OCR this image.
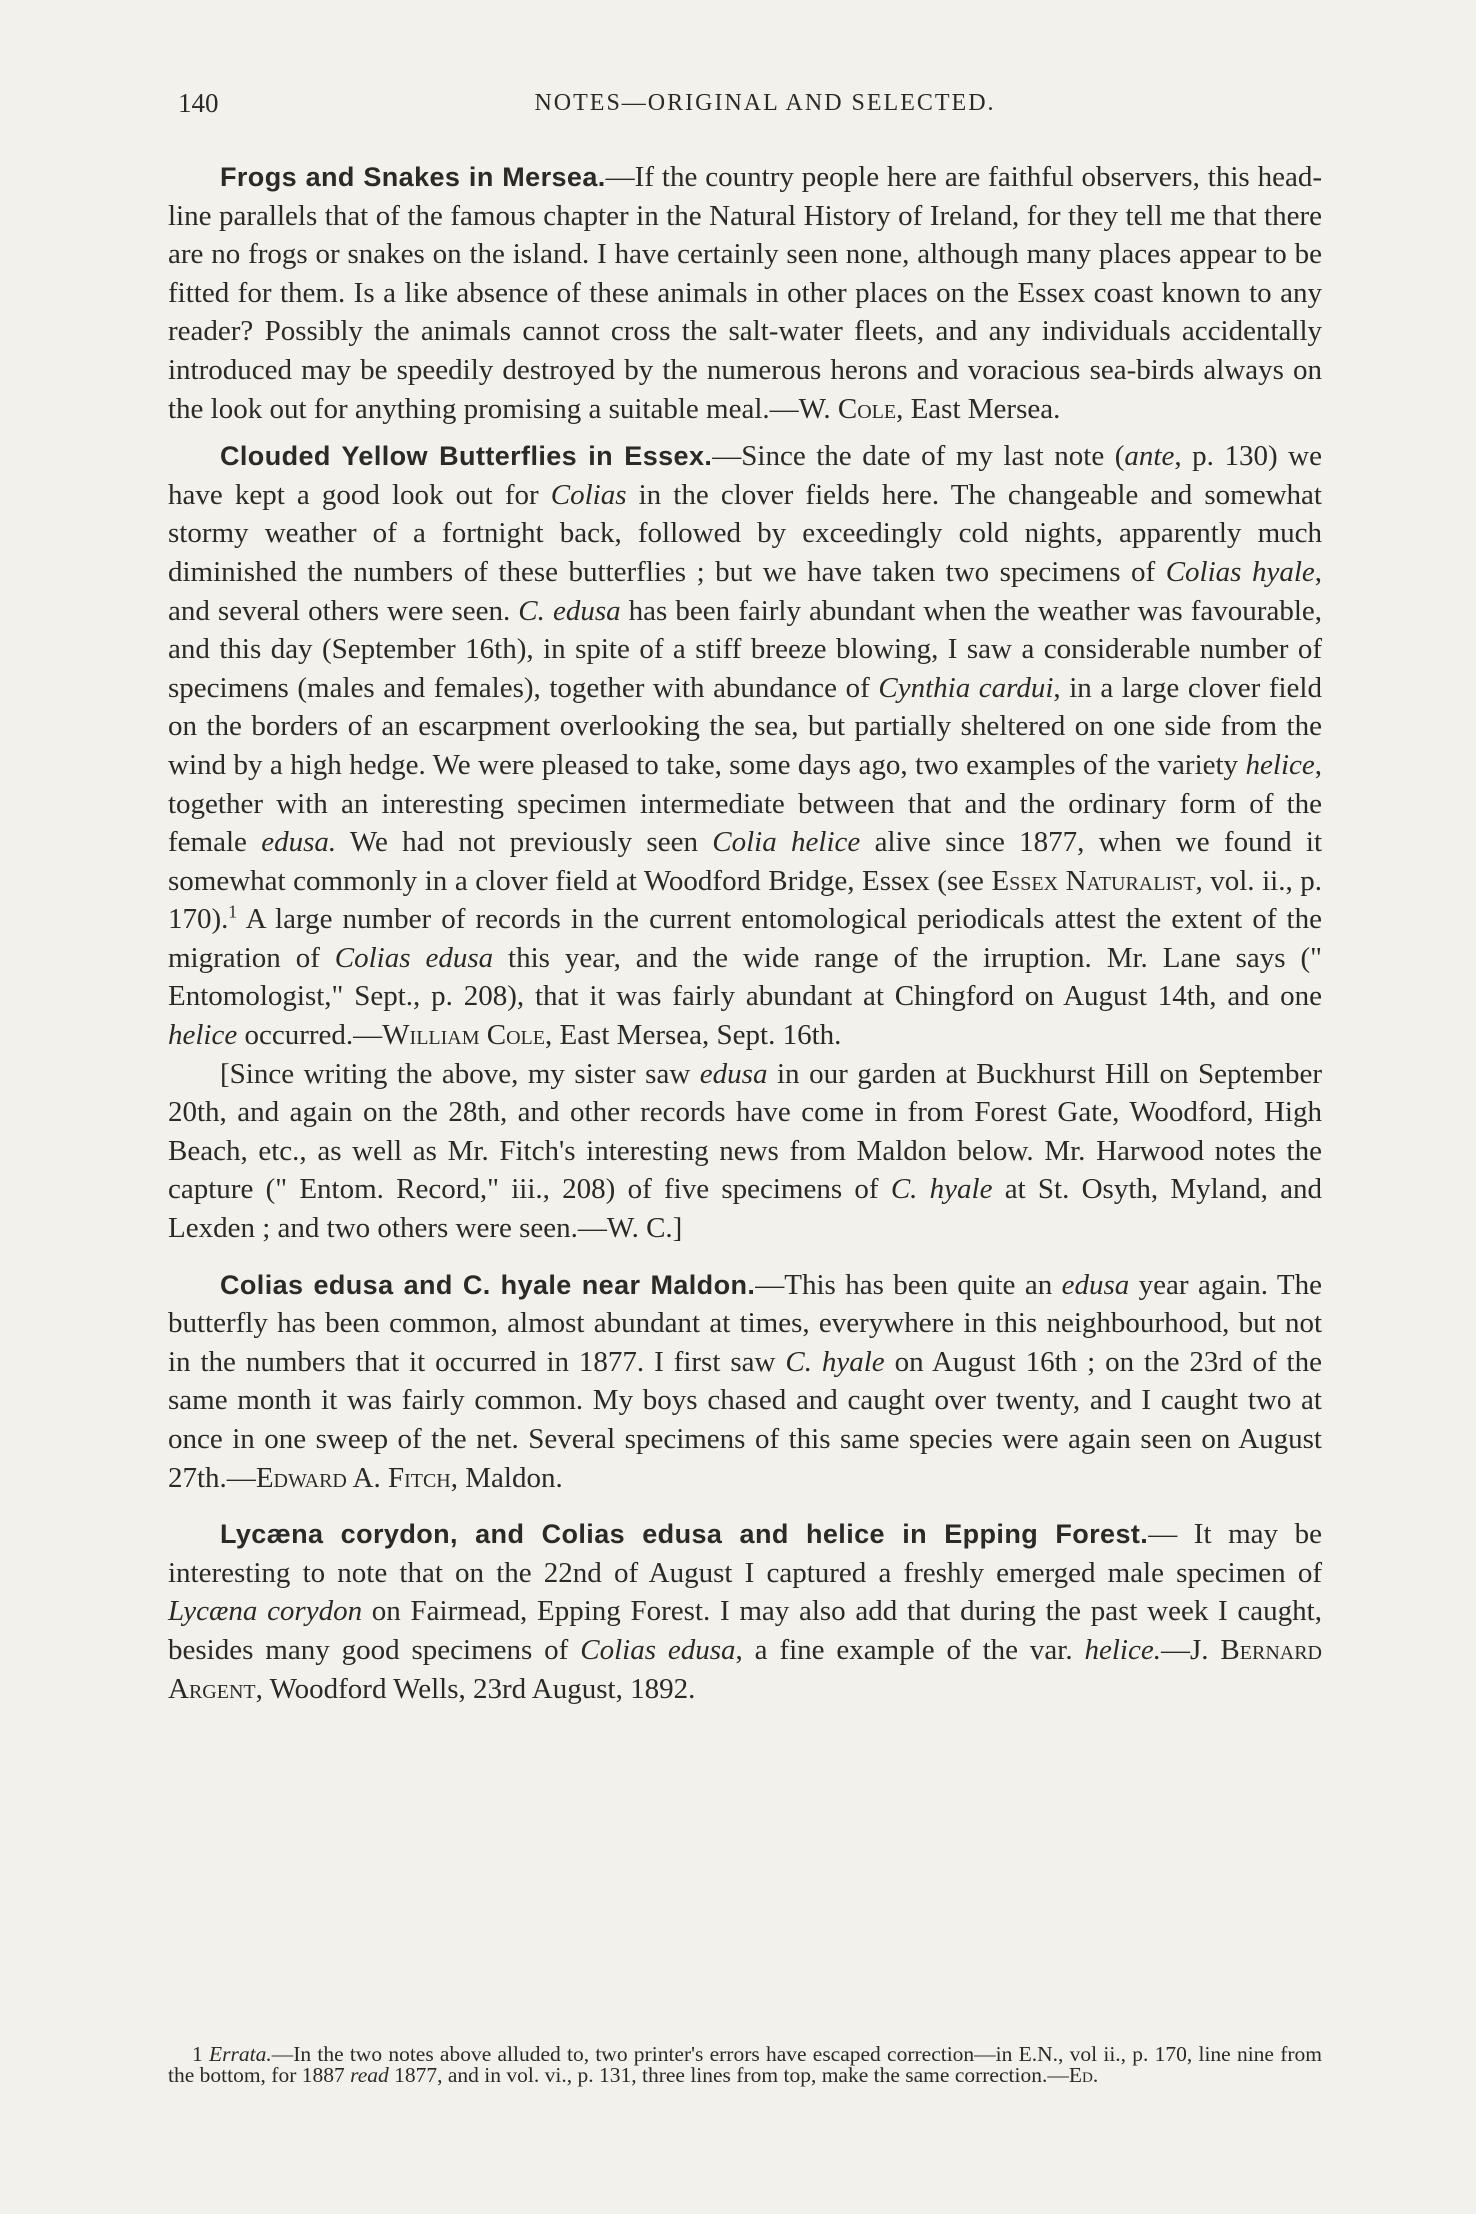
140	NOTES—ORIGINAL AND SELECTED.

Frogs and Snakes in Mersea.—If the country people here are faithful observers, this head-line parallels that of the famous chapter in the Natural History of Ireland, for they tell me that there are no frogs or snakes on the island. I have certainly seen none, although many places appear to be fitted for them. Is a like absence of these animals in other places on the Essex coast known to any reader? Possibly the animals cannot cross the salt-water fleets, and any individuals accidentally introduced may be speedily destroyed by the numerous herons and voracious sea-birds always on the look out for anything promising a suitable meal.—W. Cole, East Mersea.

Clouded Yellow Butterflies in Essex.—Since the date of my last note (ante, p. 130) we have kept a good look out for Colias in the clover fields here. The changeable and somewhat stormy weather of a fortnight back, followed by exceedingly cold nights, apparently much diminished the numbers of these butterflies ; but we have taken two specimens of Colias hyale, and several others were seen. C. edusa has been fairly abundant when the weather was favourable, and this day (September 16th), in spite of a stiff breeze blowing, I saw a considerable number of specimens (males and females), together with abundance of Cynthia cardui, in a large clover field on the borders of an escarpment overlooking the sea, but partially sheltered on one side from the wind by a high hedge. We were pleased to take, some days ago, two examples of the variety helice, together with an interesting specimen intermediate between that and the ordinary form of the female edusa. We had not previously seen Colia helice alive since 1877, when we found it somewhat commonly in a clover field at Woodford Bridge, Essex (see Essex Naturalist, vol. ii., p. 170).$^1$ A large number of records in the current entomological periodicals attest the extent of the migration of Colias edusa this year, and the wide range of the irruption. Mr. Lane says (" Entomologist," Sept., p. 208), that it was fairly abundant at Chingford on August 14th, and one helice occurred.—William Cole, East Mersea, Sept. 16th.

[Since writing the above, my sister saw edusa in our garden at Buckhurst Hill on September 20th, and again on the 28th, and other records have come in from Forest Gate, Woodford, High Beach, etc., as well as Mr. Fitch's interesting news from Maldon below. Mr. Harwood notes the capture (" Entom. Record," iii., 208) of five specimens of C. hyale at St. Osyth, Myland, and Lexden ; and two others were seen.—W. C.]

Colias edusa and C. hyale near Maldon.—This has been quite an edusa year again. The butterfly has been common, almost abundant at times, everywhere in this neighbourhood, but not in the numbers that it occurred in 1877. I first saw C. hyale on August 16th ; on the 23rd of the same month it was fairly common. My boys chased and caught over twenty, and I caught two at once in one sweep of the net. Several specimens of this same species were again seen on August 27th.—Edward A. Fitch, Maldon.

Lycæna corydon, and Colias edusa and helice in Epping Forest.— It may be interesting to note that on the 22nd of August I captured a freshly emerged male specimen of Lycæna corydon on Fairmead, Epping Forest. I may also add that during the past week I caught, besides many good specimens of Colias edusa, a fine example of the var. helice.—J. Bernard Argent, Woodford Wells, 23rd August, 1892.

1 Errata.—In the two notes above alluded to, two printer's errors have escaped correction—in E.N., vol ii., p. 170, line nine from the bottom, for 1887 read 1877, and in vol. vi., p. 131, three lines from top, make the same correction.—Ed.
